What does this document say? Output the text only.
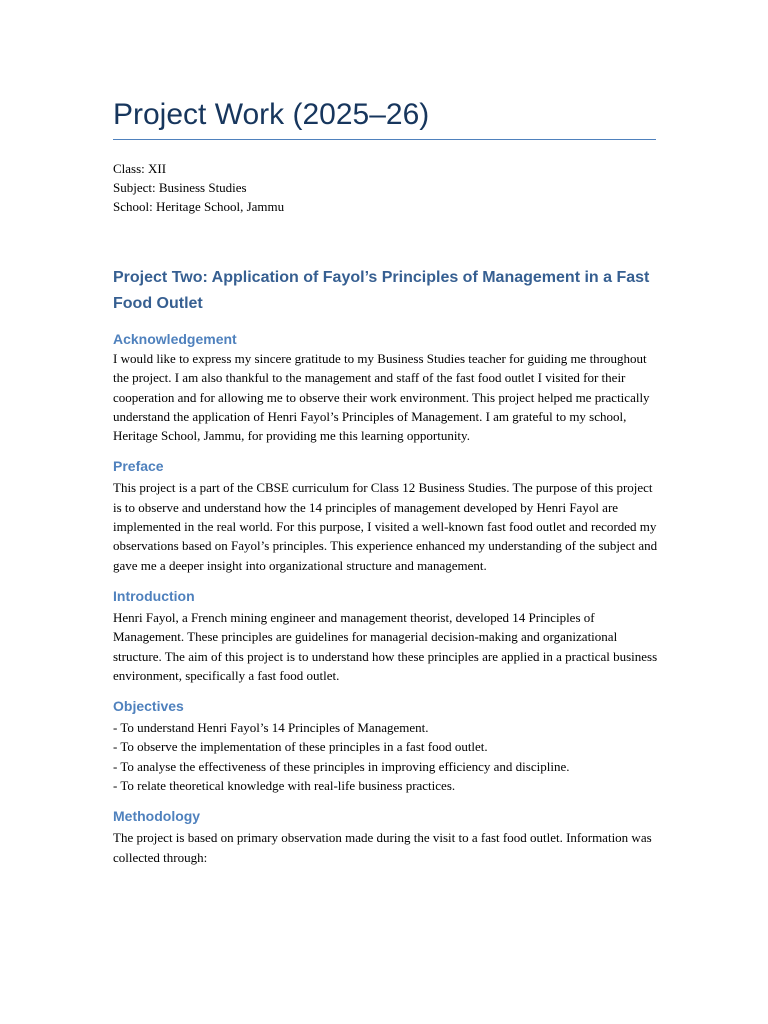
Project Work (2025–26)
Class: XII
Subject: Business Studies
School: Heritage School, Jammu
Project Two: Application of Fayol’s Principles of Management in a Fast Food Outlet
Acknowledgement

I would like to express my sincere gratitude to my Business Studies teacher for guiding me throughout the project. I am also thankful to the management and staff of the fast food outlet I visited for their cooperation and for allowing me to observe their work environment. This project helped me practically understand the application of Henri Fayol’s Principles of Management. I am grateful to my school, Heritage School, Jammu, for providing me this learning opportunity.

Preface

This project is a part of the CBSE curriculum for Class 12 Business Studies. The purpose of this project is to observe and understand how the 14 principles of management developed by Henri Fayol are implemented in the real world. For this purpose, I visited a well-known fast food outlet and recorded my observations based on Fayol’s principles. This experience enhanced my understanding of the subject and gave me a deeper insight into organizational structure and management.

Introduction

Henri Fayol, a French mining engineer and management theorist, developed 14 Principles of Management. These principles are guidelines for managerial decision-making and organizational structure. The aim of this project is to understand how these principles are applied in a practical business environment, specifically a fast food outlet.

Objectives
- To understand Henri Fayol’s 14 Principles of Management.
- To observe the implementation of these principles in a fast food outlet.
- To analyse the effectiveness of these principles in improving efficiency and discipline.
- To relate theoretical knowledge with real-life business practices.
Methodology

The project is based on primary observation made during the visit to a fast food outlet. Information was collected through:
